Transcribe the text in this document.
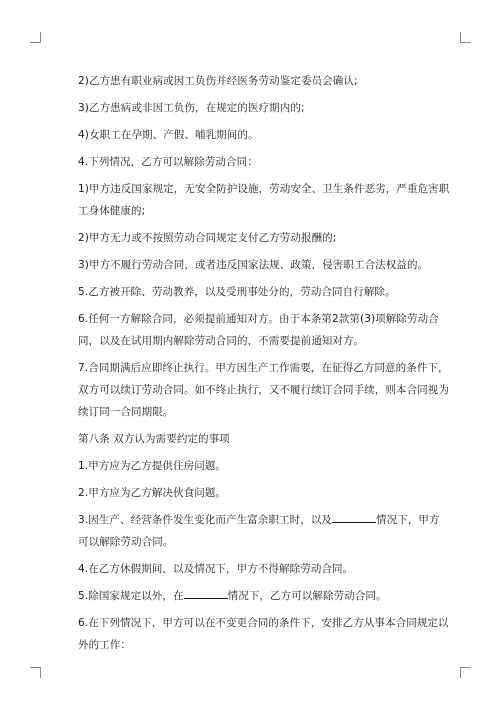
2)乙方患有职业病或因工负伤并经医务劳动鉴定委员会确认;

3)乙方患病或非因工负伤，在规定的医疗期内的;

4)女职工在孕期、产假、哺乳期间的。

4.下列情况，乙方可以解除劳动合同：

1)甲方违反国家规定，无安全防护设施，劳动安全、卫生条件恶劣，严重危害职工身体健康的;

2)甲方无力或不按照劳动合同规定支付乙方劳动报酬的;

3)甲方不履行劳动合同，或者违反国家法规、政策，侵害职工合法权益的。

5.乙方被开除、劳动教养，以及受刑事处分的，劳动合同自行解除。

6.任何一方解除合同，必须提前通知对方。由于本条第2款第(3)项解除劳动合同，以及在试用期内解除劳动合同的，不需要提前通知对方。

7.合同期满后应即终止执行。甲方因生产工作需要，在征得乙方同意的条件下，双方可以续订劳动合同。如不终止执行，又不履行续订合同手续，则本合同视为续订同一合同期限。

第八条 双方认为需要约定的事项

1.甲方应为乙方提供住房问题。

2.甲方应为乙方解决伙食问题。

3.因生产、经营条件发生变化而产生富余职工时，以及	情况下，甲方可以解除劳动合同。

4.在乙方休假期间，以及情况下，甲方不得解除劳动合同。

5.除国家规定以外，在	情况下，乙方可以解除劳动合同。

6.在下列情况下，甲方可以在不变更合同的条件下，安排乙方从事本合同规定以外的工作：
